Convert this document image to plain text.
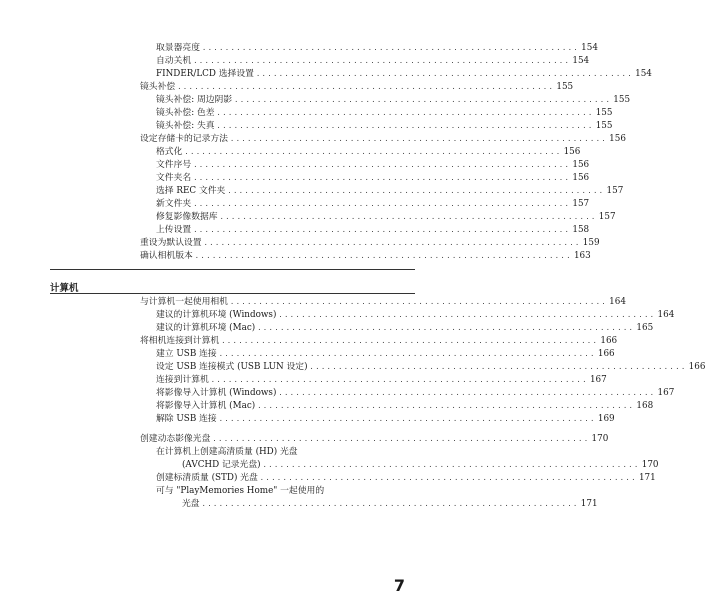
取景器亮度 .................................................................. 154
自动关机 .................................................................. 154
FINDER/LCD 选择设置 .................................................................. 154
镜头补偿 .................................................................. 155
镜头补偿: 周边阴影 .................................................................. 155
镜头补偿: 色差 .................................................................. 155
镜头补偿: 失真 .................................................................. 155
设定存储卡的记录方法 .................................................................. 156
格式化 .................................................................. 156
文件序号 .................................................................. 156
文件夹名 .................................................................. 156
选择 REC 文件夹 .................................................................. 157
新文件夹 .................................................................. 157
修复影像数据库 .................................................................. 157
上传设置 .................................................................. 158
重设为默认设置 .................................................................. 159
确认相机版本 .................................................................. 163
计算机
与计算机一起使用相机 .................................................................. 164
建议的计算机环境 (Windows) .................................................................. 164
建议的计算机环境 (Mac) .................................................................. 165
将相机连接到计算机 .................................................................. 166
建立 USB 连接 .................................................................. 166
设定 USB 连接模式 (USB LUN 设定) .................................................................. 166
连接到计算机 .................................................................. 167
将影像导入计算机 (Windows) .................................................................. 167
将影像导入计算机 (Mac) .................................................................. 168
解除 USB 连接 .................................................................. 169
创建动态影像光盘 .................................................................. 170
在计算机上创建高清质量 (HD) 光盘
(AVCHD 记录光盘) .................................................................. 170
创建标清质量 (STD) 光盘 .................................................................. 171
可与 "PlayMemories Home" 一起使用的
光盘 .................................................................. 171
7
